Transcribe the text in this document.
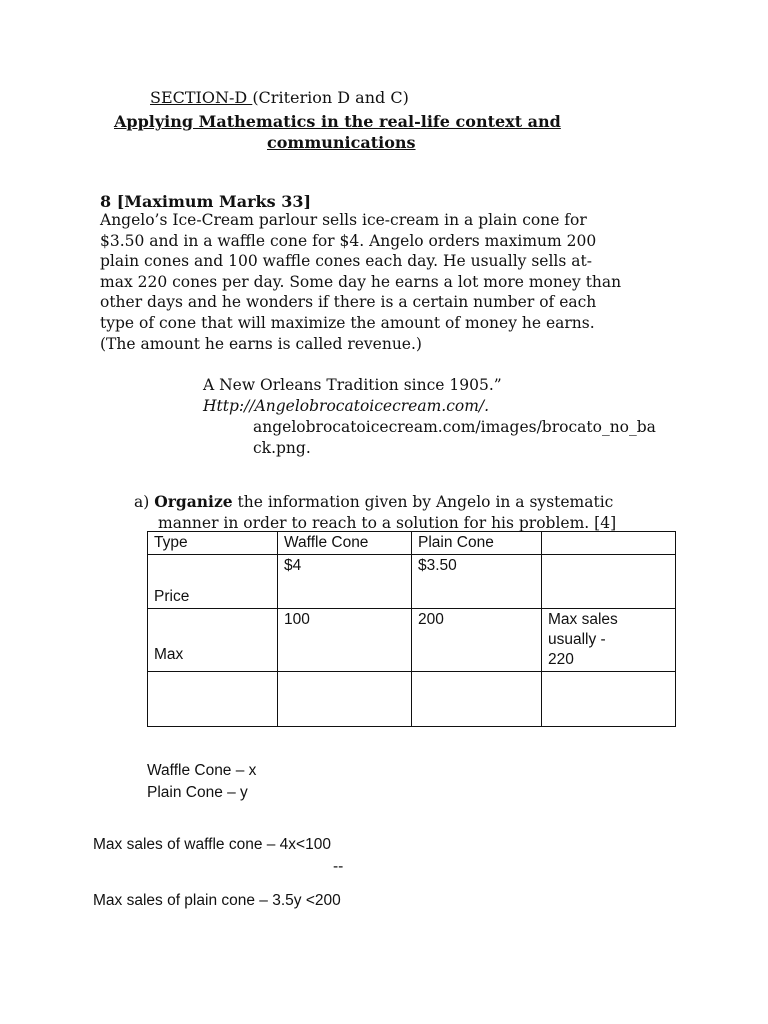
SECTION-D (Criterion D and C)
Applying Mathematics in the real-life context and
communications
8 [Maximum Marks 33]
Angelo’s Ice-Cream parlour sells ice-cream in a plain cone for
$3.50 and in a waffle cone for $4. Angelo orders maximum 200
plain cones and 100 waffle cones each day. He usually sells at-
max 220 cones per day. Some day he earns a lot more money than
other days and he wonders if there is a certain number of each
type of cone that will maximize the amount of money he earns.
(The amount he earns is called revenue.)
A New Orleans Tradition since 1905.”
Http://Angelobrocatoicecream.com/.
angelobrocatoicecream.com/images/brocato_no_ba
ck.png.
a) Organize the information given by Angelo in a systematic
manner in order to reach to a solution for his problem. [4]
Type	Waffle Cone	Plain Cone	
Price	$4	$3.50	
Max	100	200	Max sales
usually -
220

Waffle Cone – x
Plain Cone – y
Max sales of waffle cone – 4x<100
--
Max sales of plain cone – 3.5y <200
